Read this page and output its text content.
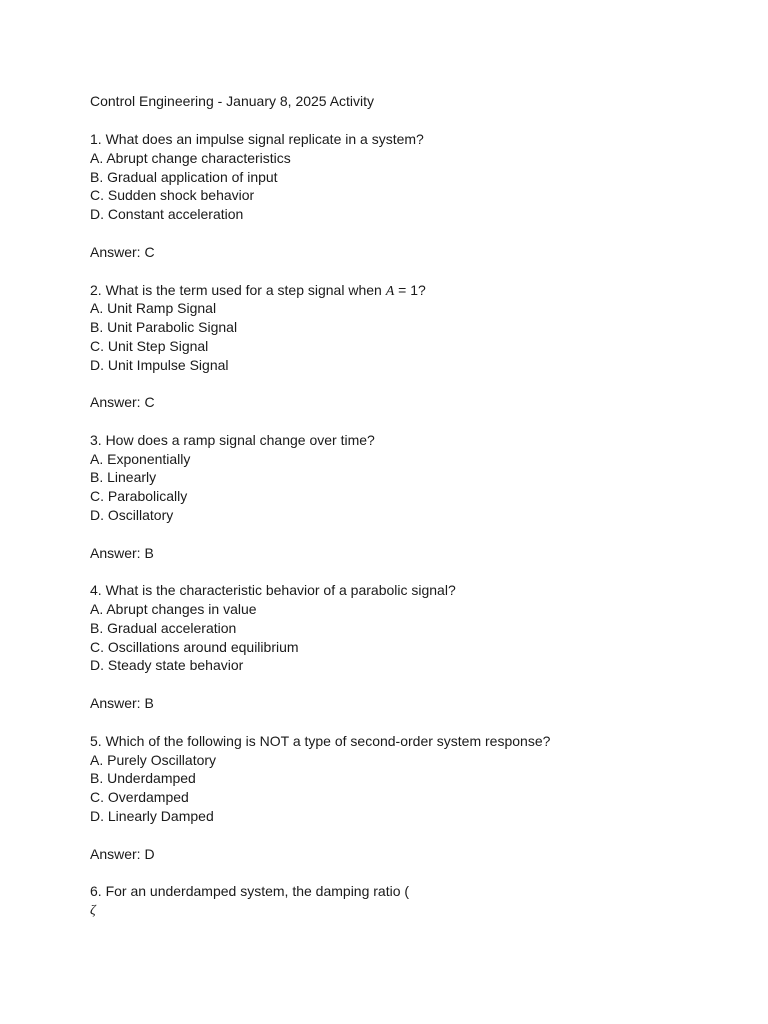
Control Engineering - January 8, 2025 Activity
1. What does an impulse signal replicate in a system?
A. Abrupt change characteristics
B. Gradual application of input
C. Sudden shock behavior
D. Constant acceleration
Answer: C
2. What is the term used for a step signal when A = 1?
A. Unit Ramp Signal
B. Unit Parabolic Signal
C. Unit Step Signal
D. Unit Impulse Signal
Answer: C
3. How does a ramp signal change over time?
A. Exponentially
B. Linearly
C. Parabolically
D. Oscillatory
Answer: B
4. What is the characteristic behavior of a parabolic signal?
A. Abrupt changes in value
B. Gradual acceleration
C. Oscillations around equilibrium
D. Steady state behavior
Answer: B
5. Which of the following is NOT a type of second-order system response?
A. Purely Oscillatory
B. Underdamped
C. Overdamped
D. Linearly Damped
Answer: D
6. For an underdamped system, the damping ratio (
ζ
